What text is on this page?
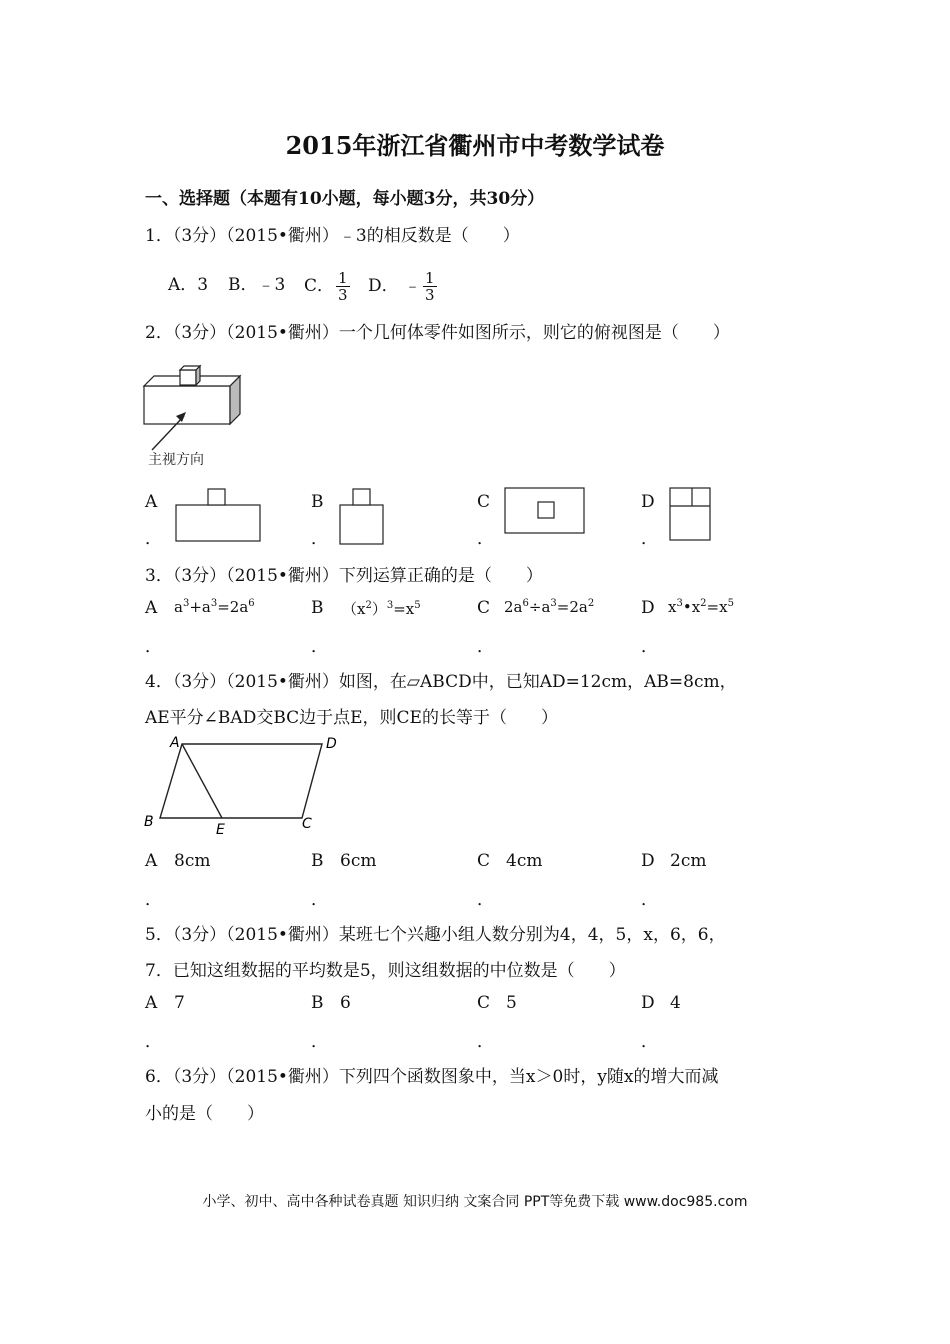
2015年浙江省衢州市中考数学试卷
一、选择题（本题有10小题，每小题3分，共30分）
1．（3分）（2015•衢州）﹣3的相反数是（　　）
A．3 B．﹣3 C． $\frac{1}{3}$ D． ﹣ $\frac{1}{3}$
2．（3分）（2015•衢州）一个几何体零件如图所示，则它的俯视图是（　　）
主视方向
A
．
B
．
C
．
D
．
3．（3分）（2015•衢州）下列运算正确的是（　　）
A $a^3+a^3=2a^6$
．
B $(x^2)^3=x^5$
．
C $2a^6\div a^3=2a^2$
．
D $x^3•x^2=x^5$
．
4．（3分）（2015•衢州）如图，在▱ABCD中，已知AD=12cm，AB=8cm，
AE平分∠BAD交BC边于点E，则CE的长等于（　　）
A	D
B	E	C
A 8cm
．
B 6cm
．
C 4cm
．
D 2cm
．
5．（3分）（2015•衢州）某班七个兴趣小组人数分别为4，4，5，x，6，6，
7．已知这组数据的平均数是5，则这组数据的中位数是（　　）
A 7
．
B 6
．
C 5
．
D 4
．
6．（3分）（2015•衢州）下列四个函数图象中，当x＞0时，y随x的增大而减
小的是（　　）
小学、初中、高中各种试卷真题 知识归纳 文案合同 PPT等免费下载 www.doc985.com
